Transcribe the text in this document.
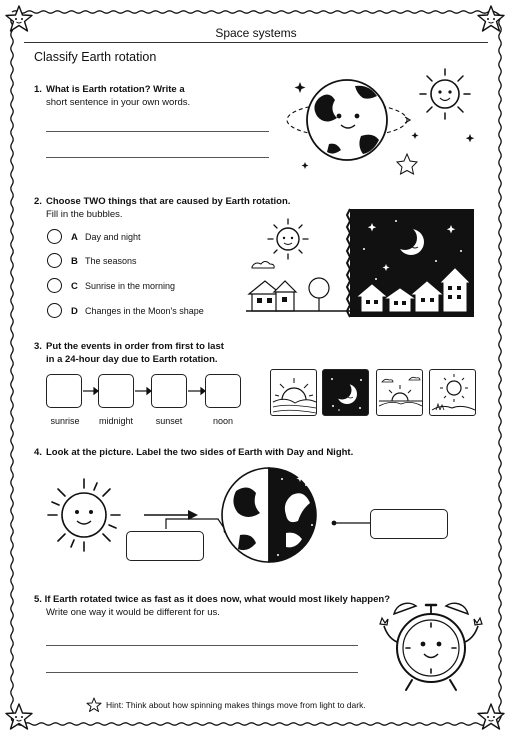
Space systems
Classify Earth rotation
1. What is Earth rotation? Write a
short sentence in your own words.
2. Choose TWO things that are caused by Earth rotation.
Fill in the bubbles.
A Day and night
B The seasons
C Sunrise in the morning
D Changes in the Moon's shape
3. Put the events in order from first to last
in a 24-hour day due to Earth rotation.
sunrise	midnight	sunset	noon
4. Look at the picture. Label the two sides of Earth with Day and Night.
5. If Earth rotated twice as fast as it does now, what would most likely happen?
Write one way it would be different for us.
Hint: Think about how spinning makes things move from light to dark.
